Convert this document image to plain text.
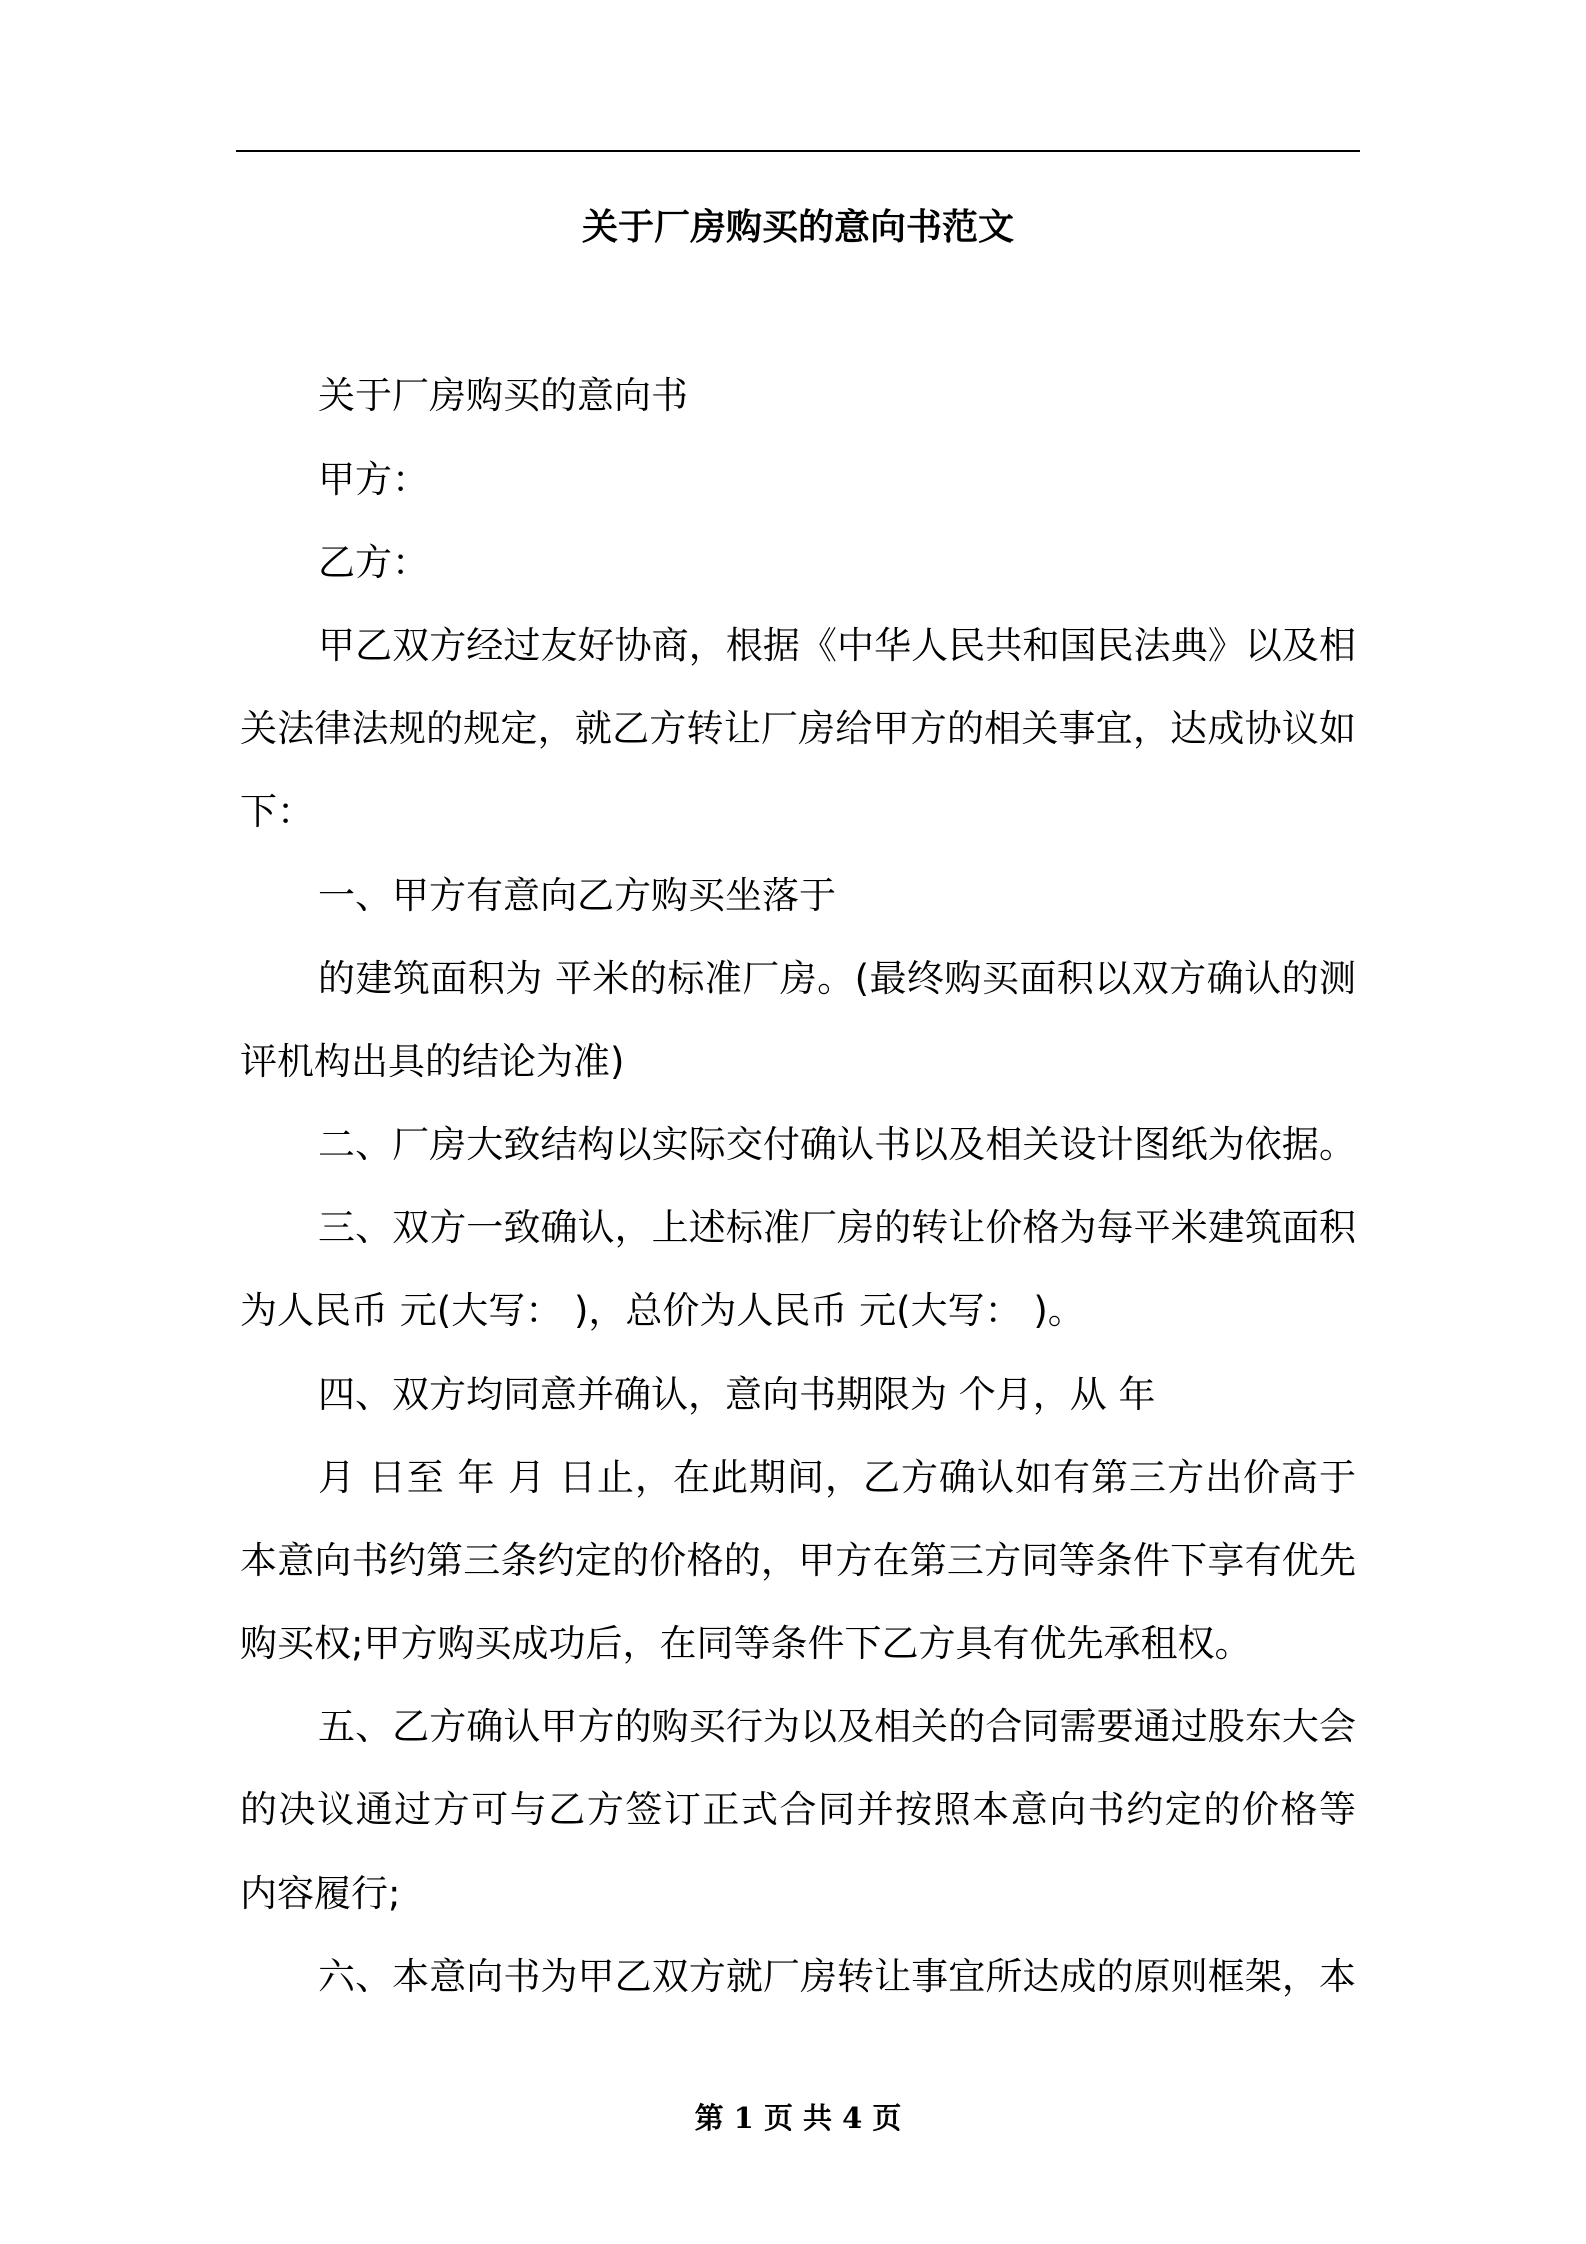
关于厂房购买的意向书范文

关于厂房购买的意向书

甲方：

乙方：

甲乙双方经过友好协商，根据《中华人民共和国民法典》以及相

关法律法规的规定，就乙方转让厂房给甲方的相关事宜，达成协议如

下：

一、甲方有意向乙方购买坐落于

的建筑面积为 平米的标准厂房。(最终购买面积以双方确认的测

评机构出具的结论为准)

二、厂房大致结构以实际交付确认书以及相关设计图纸为依据。

三、双方一致确认，上述标准厂房的转让价格为每平米建筑面积

为人民币 元(大写： )，总价为人民币 元(大写： )。

四、双方均同意并确认，意向书期限为 个月，从 年

月 日至 年 月 日止，在此期间，乙方确认如有第三方出价高于

本意向书约第三条约定的价格的，甲方在第三方同等条件下享有优先

购买权;甲方购买成功后，在同等条件下乙方具有优先承租权。

五、乙方确认甲方的购买行为以及相关的合同需要通过股东大会

的决议通过方可与乙方签订正式合同并按照本意向书约定的价格等

内容履行;

六、本意向书为甲乙双方就厂房转让事宜所达成的原则框架，本

第 1 页 共 4 页
